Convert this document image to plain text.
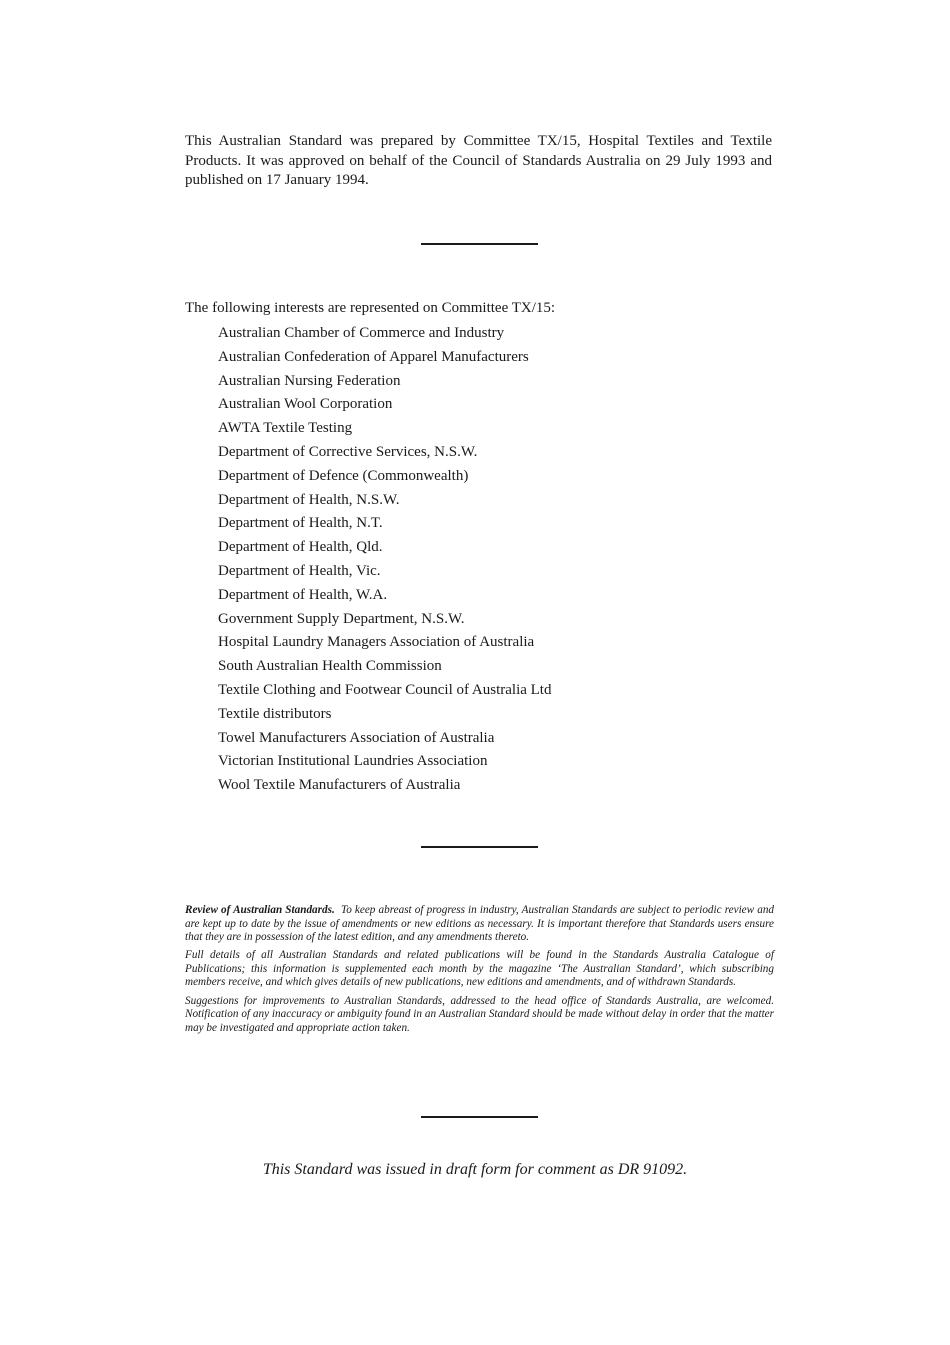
This Australian Standard was prepared by Committee TX/15, Hospital Textiles and Textile Products. It was approved on behalf of the Council of Standards Australia on 29 July 1993 and published on 17 January 1994.

The following interests are represented on Committee TX/15:

Australian Chamber of Commerce and Industry
Australian Confederation of Apparel Manufacturers
Australian Nursing Federation
Australian Wool Corporation
AWTA Textile Testing
Department of Corrective Services, N.S.W.
Department of Defence (Commonwealth)
Department of Health, N.S.W.
Department of Health, N.T.
Department of Health, Qld.
Department of Health, Vic.
Department of Health, W.A.
Government Supply Department, N.S.W.
Hospital Laundry Managers Association of Australia
South Australian Health Commission
Textile Clothing and Footwear Council of Australia Ltd
Textile distributors
Towel Manufacturers Association of Australia
Victorian Institutional Laundries Association
Wool Textile Manufacturers of Australia

Review of Australian Standards. To keep abreast of progress in industry, Australian Standards are subject to periodic review and are kept up to date by the issue of amendments or new editions as necessary. It is important therefore that Standards users ensure that they are in possession of the latest edition, and any amendments thereto.

Full details of all Australian Standards and related publications will be found in the Standards Australia Catalogue of Publications; this information is supplemented each month by the magazine ‘The Australian Standard’, which subscribing members receive, and which gives details of new publications, new editions and amendments, and of withdrawn Standards.

Suggestions for improvements to Australian Standards, addressed to the head office of Standards Australia, are welcomed. Notification of any inaccuracy or ambiguity found in an Australian Standard should be made without delay in order that the matter may be investigated and appropriate action taken.

This Standard was issued in draft form for comment as DR 91092.
